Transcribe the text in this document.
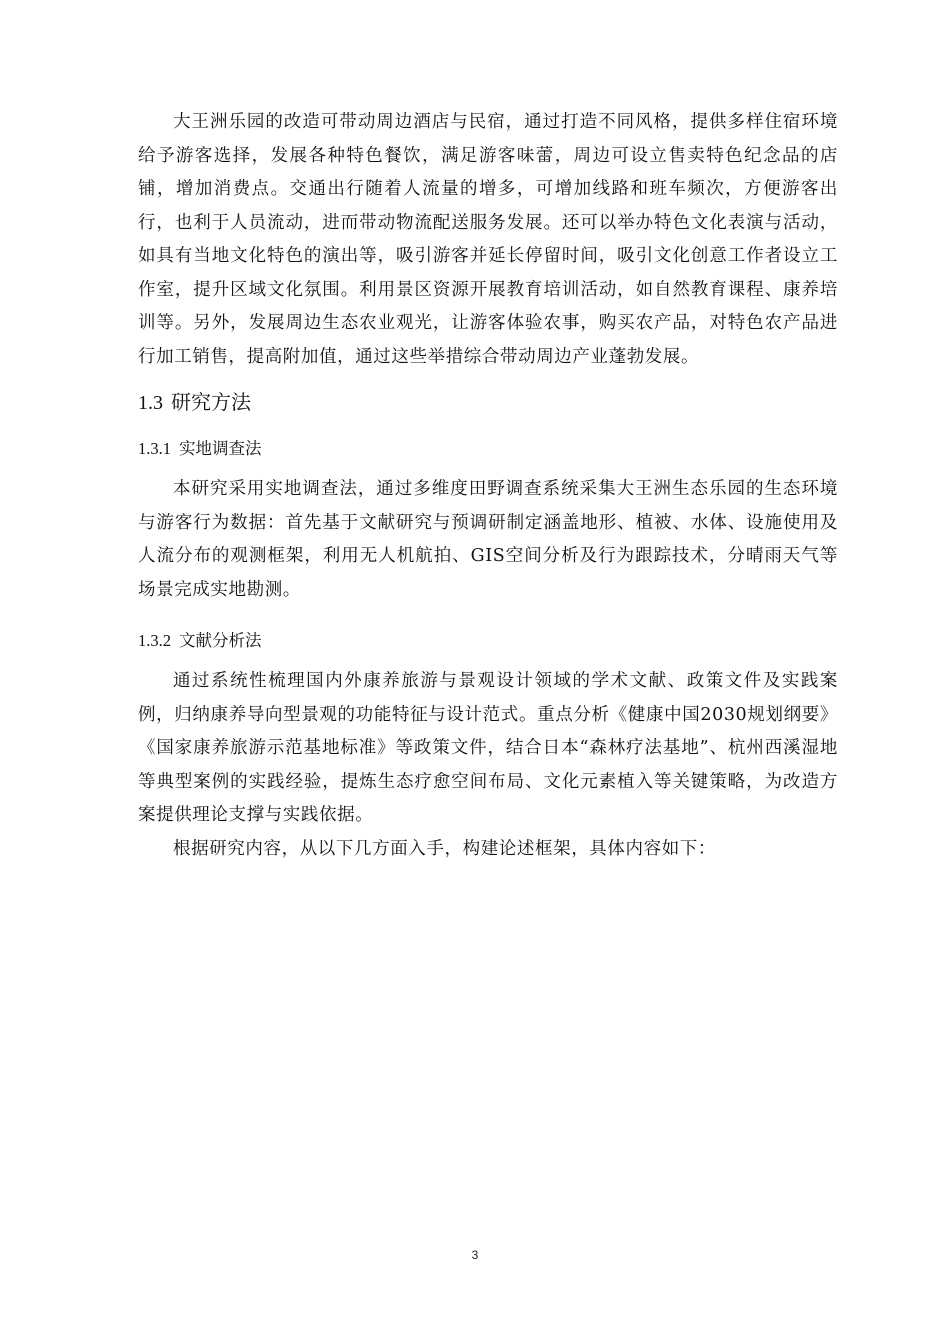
大王洲乐园的改造可带动周边酒店与民宿，通过打造不同风格，提供多样住宿环境给予游客选择，发展各种特色餐饮，满足游客味蕾，周边可设立售卖特色纪念品的店铺，增加消费点。交通出行随着人流量的增多，可增加线路和班车频次，方便游客出行，也利于人员流动，进而带动物流配送服务发展。还可以举办特色文化表演与活动，如具有当地文化特色的演出等，吸引游客并延长停留时间，吸引文化创意工作者设立工作室，提升区域文化氛围。利用景区资源开展教育培训活动，如自然教育课程、康养培训等。另外，发展周边生态农业观光，让游客体验农事，购买农产品，对特色农产品进行加工销售，提高附加值，通过这些举措综合带动周边产业蓬勃发展。

1.3 研究方法
1.3.1 实地调查法

本研究采用实地调查法，通过多维度田野调查系统采集大王洲生态乐园的生态环境与游客行为数据：首先基于文献研究与预调研制定涵盖地形、植被、水体、设施使用及人流分布的观测框架，利用无人机航拍、GIS空间分析及行为跟踪技术，分晴雨天气等场景完成实地勘测。

1.3.2 文献分析法

通过系统性梳理国内外康养旅游与景观设计领域的学术文献、政策文件及实践案例，归纳康养导向型景观的功能特征与设计范式。重点分析《健康中国2030规划纲要》《国家康养旅游示范基地标准》等政策文件，结合日本“森林疗法基地”、杭州西溪湿地等典型案例的实践经验，提炼生态疗愈空间布局、文化元素植入等关键策略，为改造方案提供理论支撑与实践依据。

根据研究内容，从以下几方面入手，构建论述框架，具体内容如下：

3
